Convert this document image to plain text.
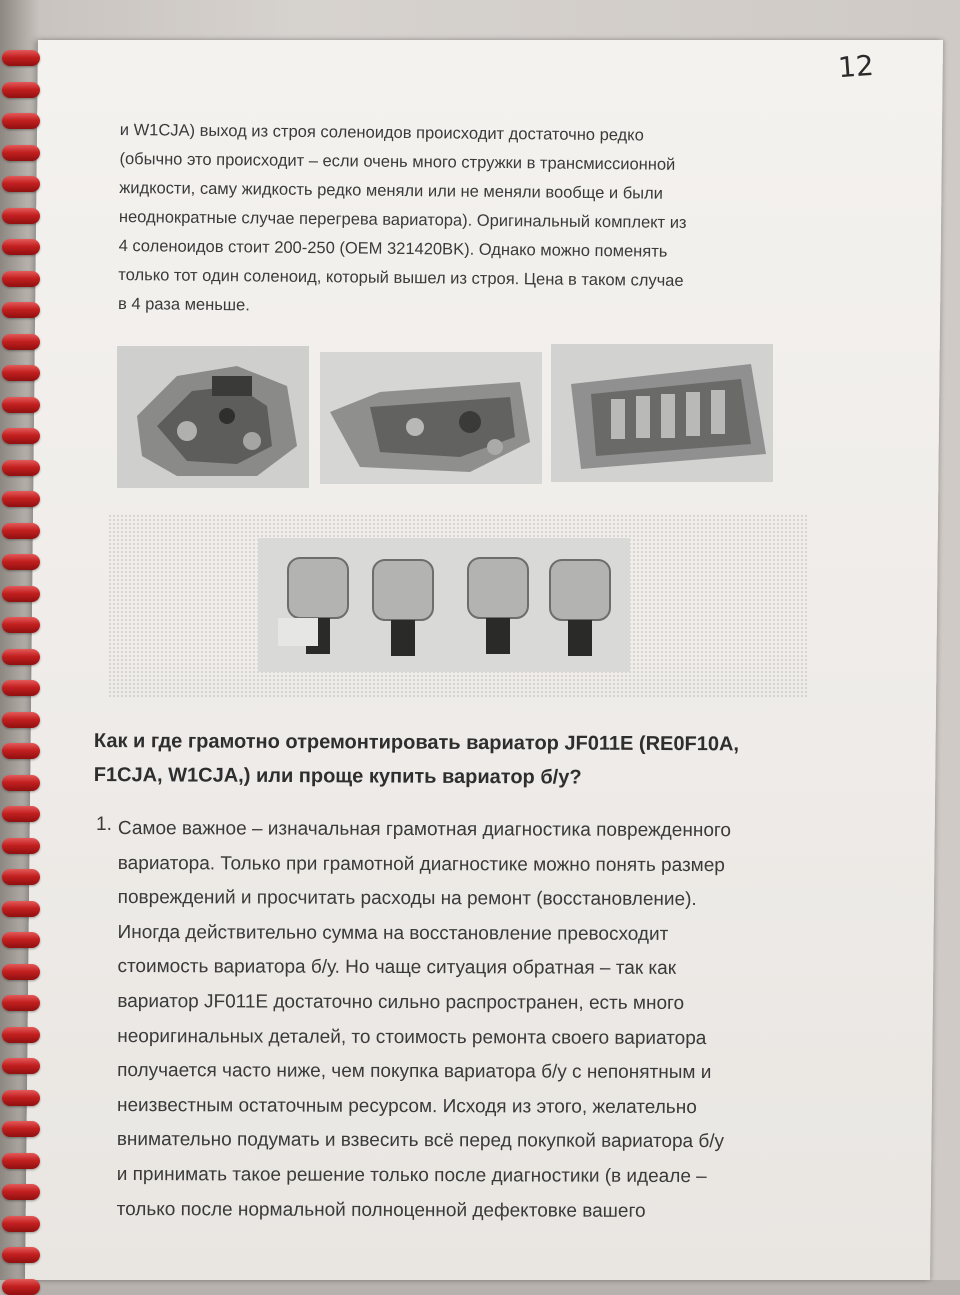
12
и W1CJA) выход из строя соленоидов происходит достаточно редко
(обычно это происходит – если очень много стружки в трансмиссионной
жидкости, саму жидкость редко меняли или не меняли вообще и были
неоднократные случае перегрева вариатора). Оригинальный комплект из
4 соленоидов стоит 200-250 (OEM 321420BK). Однако можно поменять
только тот один соленоид, который вышел из строя. Цена в таком случае
в 4 раза меньше.
Как и где грамотно отремонтировать вариатор JF011E (RE0F10A,
F1CJA, W1CJA,) или проще купить вариатор б/у?
1. Самое важное – изначальная грамотная диагностика поврежденного
вариатора. Только при грамотной диагностике можно понять размер
повреждений и просчитать расходы на ремонт (восстановление).
Иногда действительно сумма на восстановление превосходит
стоимость вариатора б/у. Но чаще ситуация обратная – так как
вариатор JF011E достаточно сильно распространен, есть много
неоригинальных деталей, то стоимость ремонта своего вариатора
получается часто ниже, чем покупка вариатора б/у с непонятным и
неизвестным остаточным ресурсом. Исходя из этого, желательно
внимательно подумать и взвесить всё перед покупкой вариатора б/у
и принимать такое решение только после диагностики (в идеале –
только после нормальной полноценной дефектовке вашего
